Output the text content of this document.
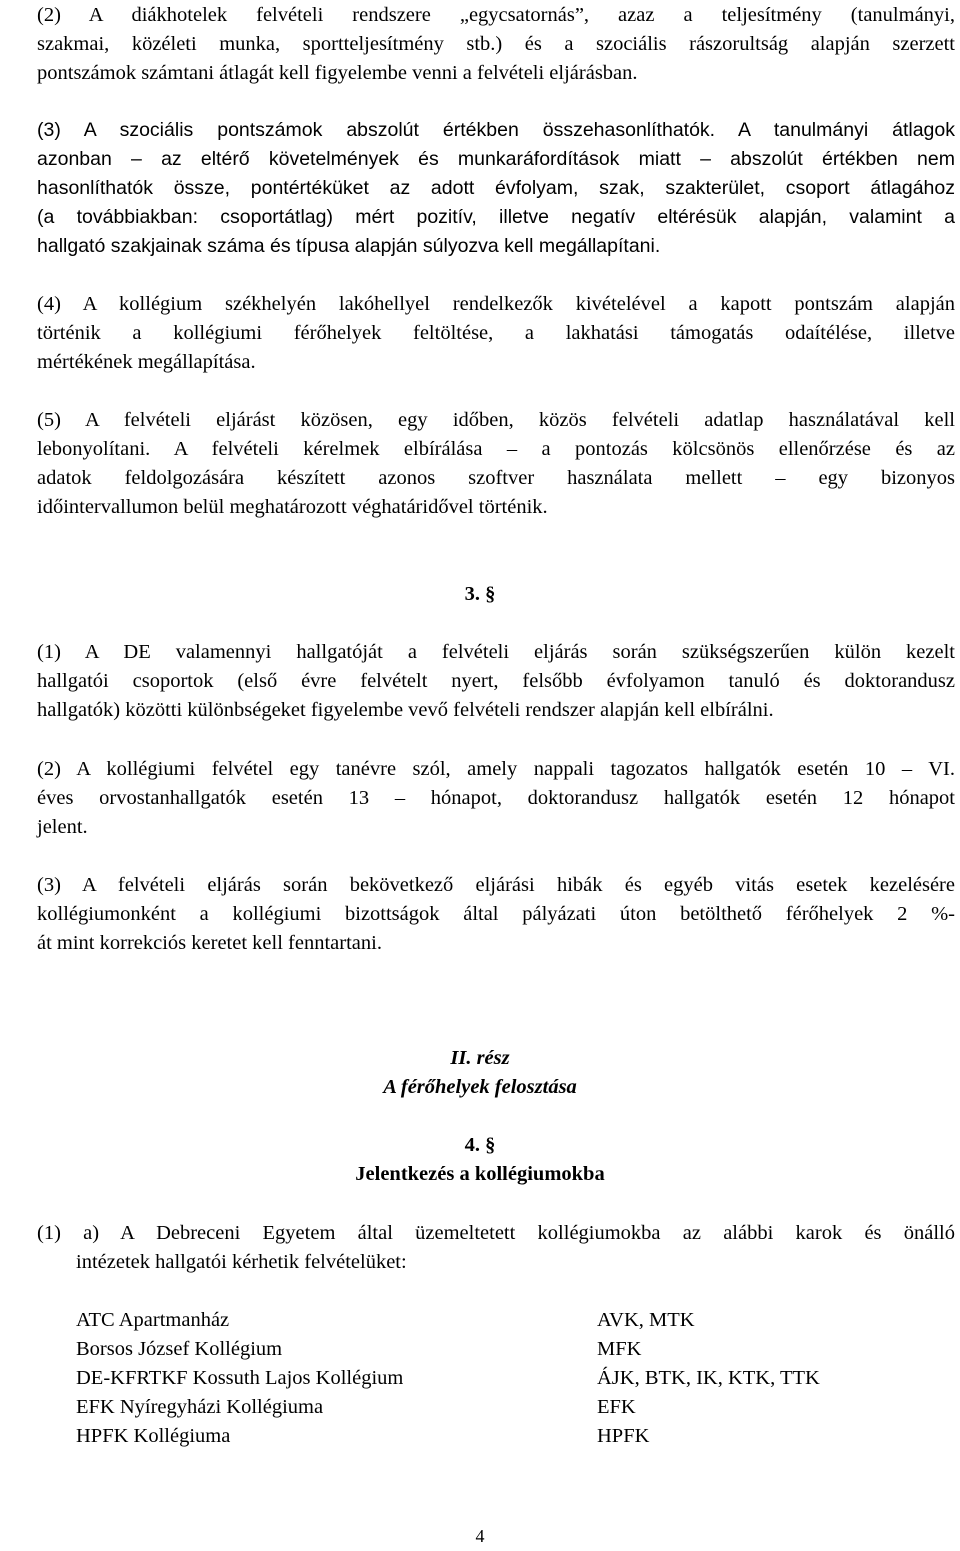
(2) A diákhotelek felvételi rendszere „egycsatornás”, azaz a teljesítmény (tanulmányi,
szakmai, közéleti munka, sportteljesítmény stb.) és a szociális rászorultság alapján szerzett
pontszámok számtani átlagát kell figyelembe venni a felvételi eljárásban.
(3) A szociális pontszámok abszolút értékben összehasonlíthatók. A tanulmányi átlagok
azonban – az eltérő követelmények és munkaráfordítások miatt – abszolút értékben nem
hasonlíthatók össze, pontértéküket az adott évfolyam, szak, szakterület, csoport átlagához
(a továbbiakban: csoportátlag) mért pozitív, illetve negatív eltérésük alapján, valamint a
hallgató szakjainak száma és típusa alapján súlyozva kell megállapítani.
(4) A kollégium székhelyén lakóhellyel rendelkezők kivételével a kapott pontszám alapján
történik a kollégiumi férőhelyek feltöltése, a lakhatási támogatás odaítélése, illetve
mértékének megállapítása.
(5) A felvételi eljárást közösen, egy időben, közös felvételi adatlap használatával kell
lebonyolítani. A felvételi kérelmek elbírálása – a pontozás kölcsönös ellenőrzése és az
adatok feldolgozására készített azonos szoftver használata mellett – egy bizonyos
időintervallumon belül meghatározott véghatáridővel történik.
3. §
(1) A DE valamennyi hallgatóját a felvételi eljárás során szükségszerűen külön kezelt
hallgatói csoportok (első évre felvételt nyert, felsőbb évfolyamon tanuló és doktorandusz
hallgatók) közötti különbségeket figyelembe vevő felvételi rendszer alapján kell elbírálni.
(2) A kollégiumi felvétel egy tanévre szól, amely nappali tagozatos hallgatók esetén 10 – VI.
éves orvostanhallgatók esetén 13 – hónapot, doktorandusz hallgatók esetén 12 hónapot
jelent.
(3) A felvételi eljárás során bekövetkező eljárási hibák és egyéb vitás esetek kezelésére
kollégiumonként a kollégiumi bizottságok által pályázati úton betölthető férőhelyek 2 %-
át mint korrekciós keretet kell fenntartani.
II. rész
A férőhelyek felosztása
4. §
Jelentkezés a kollégiumokba
(1) a) A Debreceni Egyetem által üzemeltetett kollégiumokba az alábbi karok és önálló
intézetek hallgatói kérhetik felvételüket:
ATC Apartmanház	AVK, MTK
Borsos József Kollégium	MFK
DE-KFRTKF Kossuth Lajos Kollégium	ÁJK, BTK, IK, KTK, TTK
EFK Nyíregyházi Kollégiuma	EFK
HPFK Kollégiuma	HPFK
4
